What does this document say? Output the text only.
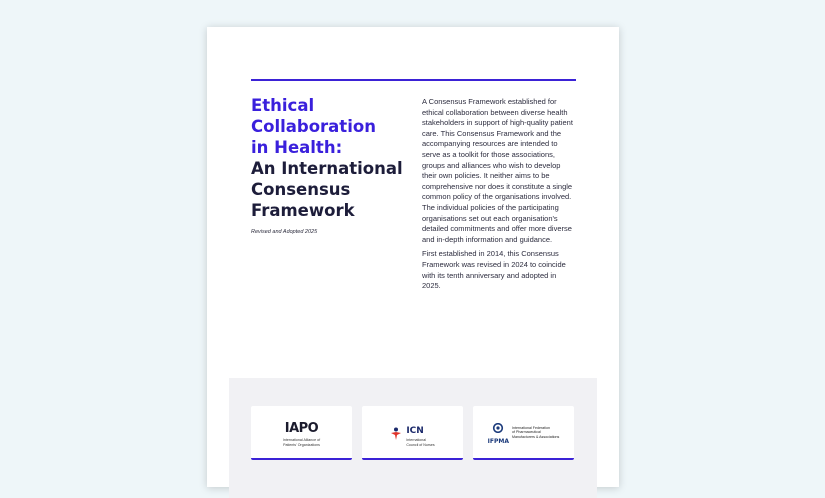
Ethical
Collaboration
in Health:
An International
Consensus
Framework
Revised and Adopted 2025

A Consensus Framework established for ethical collaboration between diverse health stakeholders in support of high-quality patient care. This Consensus Framework and the accompanying resources are intended to serve as a toolkit for those associations, groups and alliances who wish to develop their own policies. It neither aims to be comprehensive nor does it constitute a single common policy of the organisations involved. The individual policies of the participating organisations set out each organisation's detailed commitments and offer more diverse and in-depth information and guidance.

First established in 2014, this Consensus Framework was revised in 2024 to coincide with its tenth anniversary and adopted in 2025.

IAPO
International Alliance of
Patients' Organizations
ICN
International
Council of Nurses	IFPMA
International Federation
of Pharmaceutical
Manufacturers & Associations
